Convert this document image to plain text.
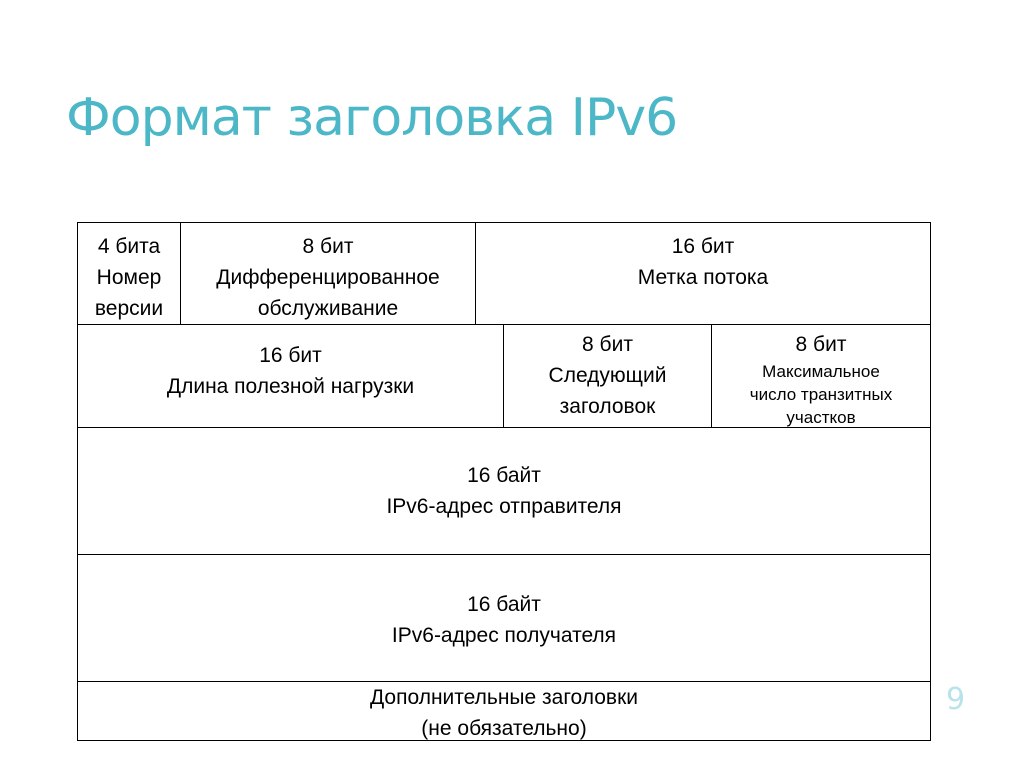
Формат заголовка IPv6
4 бита
Номер
версии
8 бит
Дифференцированное
обслуживание
16 бит
Метка потока
16 бит
Длина полезной нагрузки
8 бит
Следующий
заголовок
8 бит
Максимальное
число транзитных
участков
16 байт
IPv6-адрес отправителя
16 байт
IPv6-адрес получателя
Дополнительные заголовки
(не обязательно)
9
